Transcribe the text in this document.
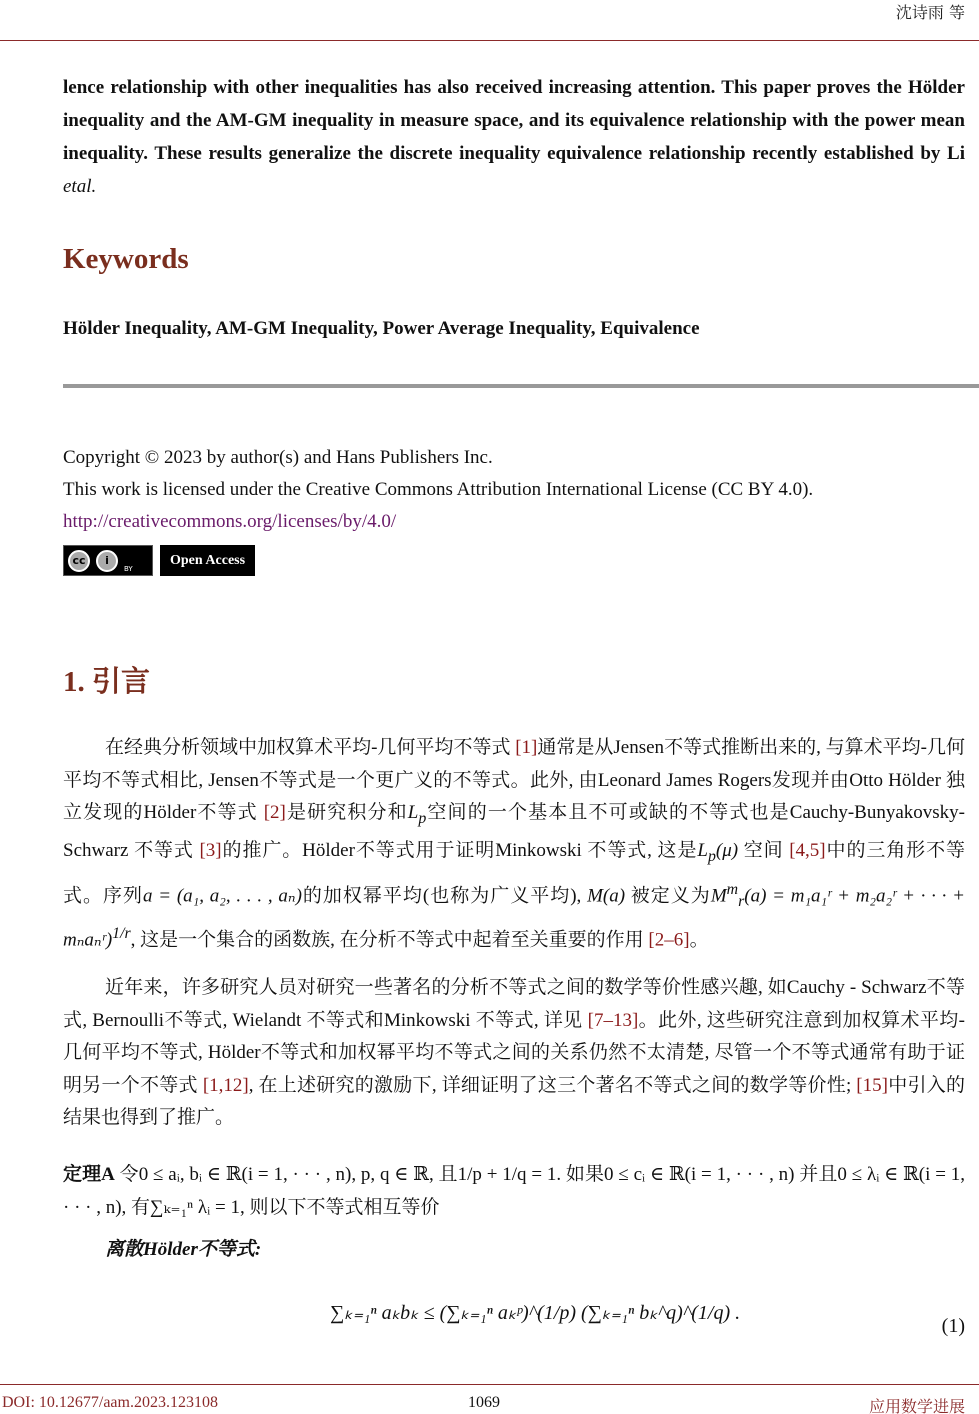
沈诗雨 等
lence relationship with other inequalities has also received increasing attention. This paper proves the Hölder inequality and the AM-GM inequality in measure space, and its equivalence relationship with the power mean inequality. These results generalize the discrete inequality equivalence relationship recently established by Li etal.
Keywords
Hölder Inequality, AM-GM Inequality, Power Average Inequality, Equivalence
Copyright © 2023 by author(s) and Hans Publishers Inc.
This work is licensed under the Creative Commons Attribution International License (CC BY 4.0).
http://creativecommons.org/licenses/by/4.0/
cc	i
BY
Open Access
1. 引言

在经典分析领域中加权算术平均-几何平均不等式 [1]通常是从Jensen不等式推断出来的, 与算术平均-几何平均不等式相比, Jensen不等式是一个更广义的不等式。此外, 由Leonard James Rogers发现并由Otto Hölder 独立发现的Hölder不等式 [2]是研究积分和$L_p$空间的一个基本且不可或缺的不等式也是Cauchy-Bunyakovsky-Schwarz 不等式 [3]的推广。Hölder不等式用于证明Minkowski 不等式, 这是$L_p(\mu)$ 空间 [4,5]中的三角形不等式。序列a = (a₁, a₂, . . . , aₙ)的加权幂平均(也称为广义平均), M(a) 被定义为$M^m_r(a)$ = m₁a₁ʳ + m₂a₂ʳ + · · · + mₙaₙʳ)$^{1/r}$, 这是一个集合的函数族, 在分析不等式中起着至关重要的作用 [2–6]。

近年来，许多研究人员对研究一些著名的分析不等式之间的数学等价性感兴趣, 如Cauchy - Schwarz不等式, Bernoulli不等式, Wielandt 不等式和Minkowski 不等式, 详见 [7–13]。此外, 这些研究注意到加权算术平均-几何平均不等式, Hölder不等式和加权幂平均不等式之间的关系仍然不太清楚, 尽管一个不等式通常有助于证明另一个不等式 [1,12], 在上述研究的激励下, 详细证明了这三个著名不等式之间的数学等价性; [15]中引入的结果也得到了推广。

定理A 令0 ≤ aᵢ, bᵢ ∈ ℝ(i = 1, · · · , n), p, q ∈ ℝ, 且1/p + 1/q = 1. 如果0 ≤ cᵢ ∈ ℝ(i = 1, · · · , n) 并且0 ≤ λᵢ ∈ ℝ(i = 1, · · · , n), 有∑ₖ₌₁ⁿ λᵢ = 1, 则以下不等式相互等价

离散Hölder不等式:

∑ₖ₌₁ⁿ aₖbₖ ≤ (∑ₖ₌₁ⁿ aₖᵖ)^(1/p) (∑ₖ₌₁ⁿ bₖ^q)^(1/q) .
(1)
DOI: 10.12677/aam.2023.123108	1069	应用数学进展
